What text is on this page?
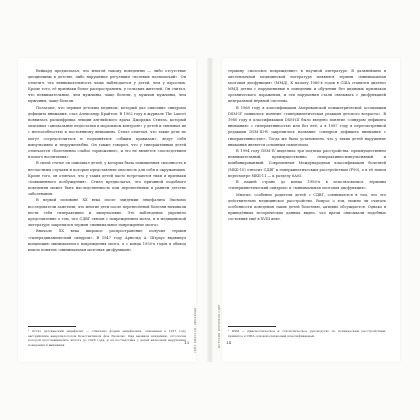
Вейкард предполагал, что многой такому поведению — либо отсутствие дисциплины в детстве, либо нарушение регуляции «волевых полномочий». Он отметил, что невнимательность чаще наблюдается у детей, чем у взрослых. Кроме того, её признаки более распространены, у сельских жителей. Он считал, что невнимательные, чем мужчины, чаще болели, у мужчин мужчины, чем мужчины, чаще болели.

Полагают, что первым детским медиком, который дал описание синдрома дефицита внимания, стал Александр Крайтон. В 1902 году в журнале The Lancet появилась расшифровка лекции английского врача Джорджа Стилла, который описывал «аномальные недостатки в моральном контроле» у детей и связывал их с неспособностью к постоянному вниманию. Стилл отмечал, что такие дети не могут сосредоточиться и подчиняться «общим правилам», ведут себя импульсивно и недружелюбно. Он также говорил, что у гиперактивных детей отмечается «болезненно слабое торможение», и это не является «последствием плохого воспитания».

В своей статье он описывал детей, у которых была повышенная склонность к несчастным случаям и которые представляли опасность для себя и окружающих. Кроме того, он отмечал, что у таких детей часто встречаются тики и признаки «повышенного возбуждения». Стилл предполагал, что причиной подобного поведения может быть наследственность или перенесённые в раннем детстве заболевания.

В первой половине XX века после эпидемии энцефалита Экономо исследователи заметили, что многие дети после перенесённой болезни начинали вести себя гиперактивно и импульсивно. Это наблюдение укрепило представление о том, что СДВГ связан с повреждением мозга, и в медицинской литературе закрепился термин «минимальное повреждение мозга».

Вначале XX века широкое распространение получил термин «гиперадинамический синдром». В 1947 году Арнольд А. Штраус выдвинул концепцию минимального повреждения мозга, а с конца 1950-х годов в обиход вошло понятие «минимальная мозговая дисфункция».

¹ Остат детскаеский знцефалит — отмечено форма энцефалита, описанная в 1917 году австрийским невропатологом Константином фон Экономо. Она вызвала эпидемию, отголоски которой прослеживались вплоть до 1926 года, и её последствия у детей включали нарушения поведения и внимания.	ВВЕДЕНИЕ. ИСТОРИЯ СДВГ
13

термину «мозговое повреждение» в научной литературе. В дальнейшем в англоязычной медицинской литературе появился термин «минимальная мозговая дисфункция» (ММД). К началу 1960-х годов в США ставился диагноз ММД детям с нарушениями в поведении и обучении без видимых признаков органического поражения, и эти нарушения стали связывать с дисфункцией центральной нервной системы.

В 1968 году в классификации Американской психиатрической ассоциации DSM-II¹ появилось понятие «гиперкинетическая реакция детского возраста». В 1980 году в классификации DSM-III было введено понятие «синдром дефицита внимания» с гиперактивностью или без неё, а в 1987 году в пересмотренной редакции DSM-III-R закрепилось название «синдром дефицита внимания с гиперактивностью». Тогда же было установлено, что у таких детей нарушение внимания является основным симптомом.

В 1994 году DSM-IV выделила три подтипа расстройства: преимущественно невнимательный, преимущественно гиперактивно-импульсивный и комбинированный. Современная Международная классификация болезней (МКБ-10) относит СДВГ к гиперкинетическим расстройствам (F90), а в её новом пересмотре МКБ-11 — к разделу 6A05.

В нашей стране до конца 1980-х в использовались термины «гиперкинетический синдром» и «минимальная мозговая дисфункция».

Многие, особенно родители детей с СДВГ, сомневаются в том, что это действительно медицинское расстройство. Вопрос о том, можно ли считать особенности поведения таких детей болезнью, активно обсуждается. Однако в приведённых исторических данных видно, что врачи описывали подобные состояния ещё в XVIII веке.

¹ DSM — Диагностическое и статистическое руководство по психическим расстройствам, принятое в США основополагающей классификацией.
ИСТОРИЯ ИЗУЧЕНИЯ СДВГ 14
